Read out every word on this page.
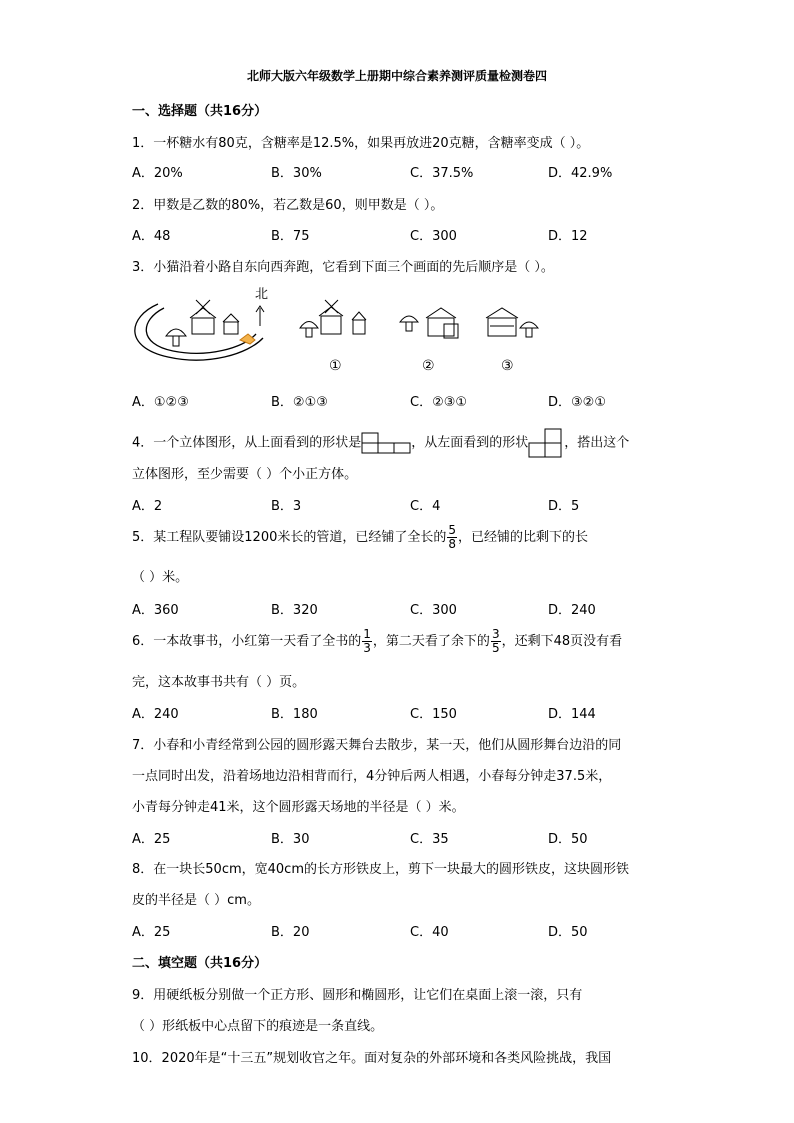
北师大版六年级数学上册期中综合素养测评质量检测卷四
一、选择题（共16分）
1．一杯糖水有80克，含糖率是12.5%，如果再放进20克糖，含糖率变成（ ）。
A．20%	B．30%	C．37.5%	D．42.9%
2．甲数是乙数的80%，若乙数是60，则甲数是（ ）。
A．48	B．75	C．300	D．12
3．小猫沿着小路自东向西奔跑，它看到下面三个画面的先后顺序是（ ）。
北
①	②	③
A．①②③	B．②①③	C．②③①	D．③②①
4．一个立体图形，从上面看到的形状是	，从左面看到的形状	，搭出这个
立体图形，至少需要（ ）个小正方体。
A．2	B．3	C．4	D．5
5．某工程队要铺设1200米长的管道，已经铺了全长的 $\frac{5}{8}$ ，已经铺的比剩下的长
（ ）米。
A．360	B．320	C．300	D．240
6．一本故事书，小红第一天看了全书的 $\frac{1}{3}$ ，第二天看了余下的 $\frac{3}{5}$ ，还剩下48页没有看
完，这本故事书共有（ ）页。
A．240	B．180	C．150	D．144
7．小春和小青经常到公园的圆形露天舞台去散步，某一天，他们从圆形舞台边沿的同
一点同时出发，沿着场地边沿相背而行，4分钟后两人相遇，小春每分钟走37.5米，
小青每分钟走41米，这个圆形露天场地的半径是（ ）米。
A．25	B．30	C．35	D．50
8．在一块长50cm，宽40cm的长方形铁皮上，剪下一块最大的圆形铁皮，这块圆形铁
皮的半径是（ ）cm。
A．25	B．20	C．40	D．50
二、填空题（共16分）
9．用硬纸板分别做一个正方形、圆形和椭圆形，让它们在桌面上滚一滚，只有
（ ）形纸板中心点留下的痕迹是一条直线。
10．2020年是“十三五”规划收官之年。面对复杂的外部环境和各类风险挑战，我国
